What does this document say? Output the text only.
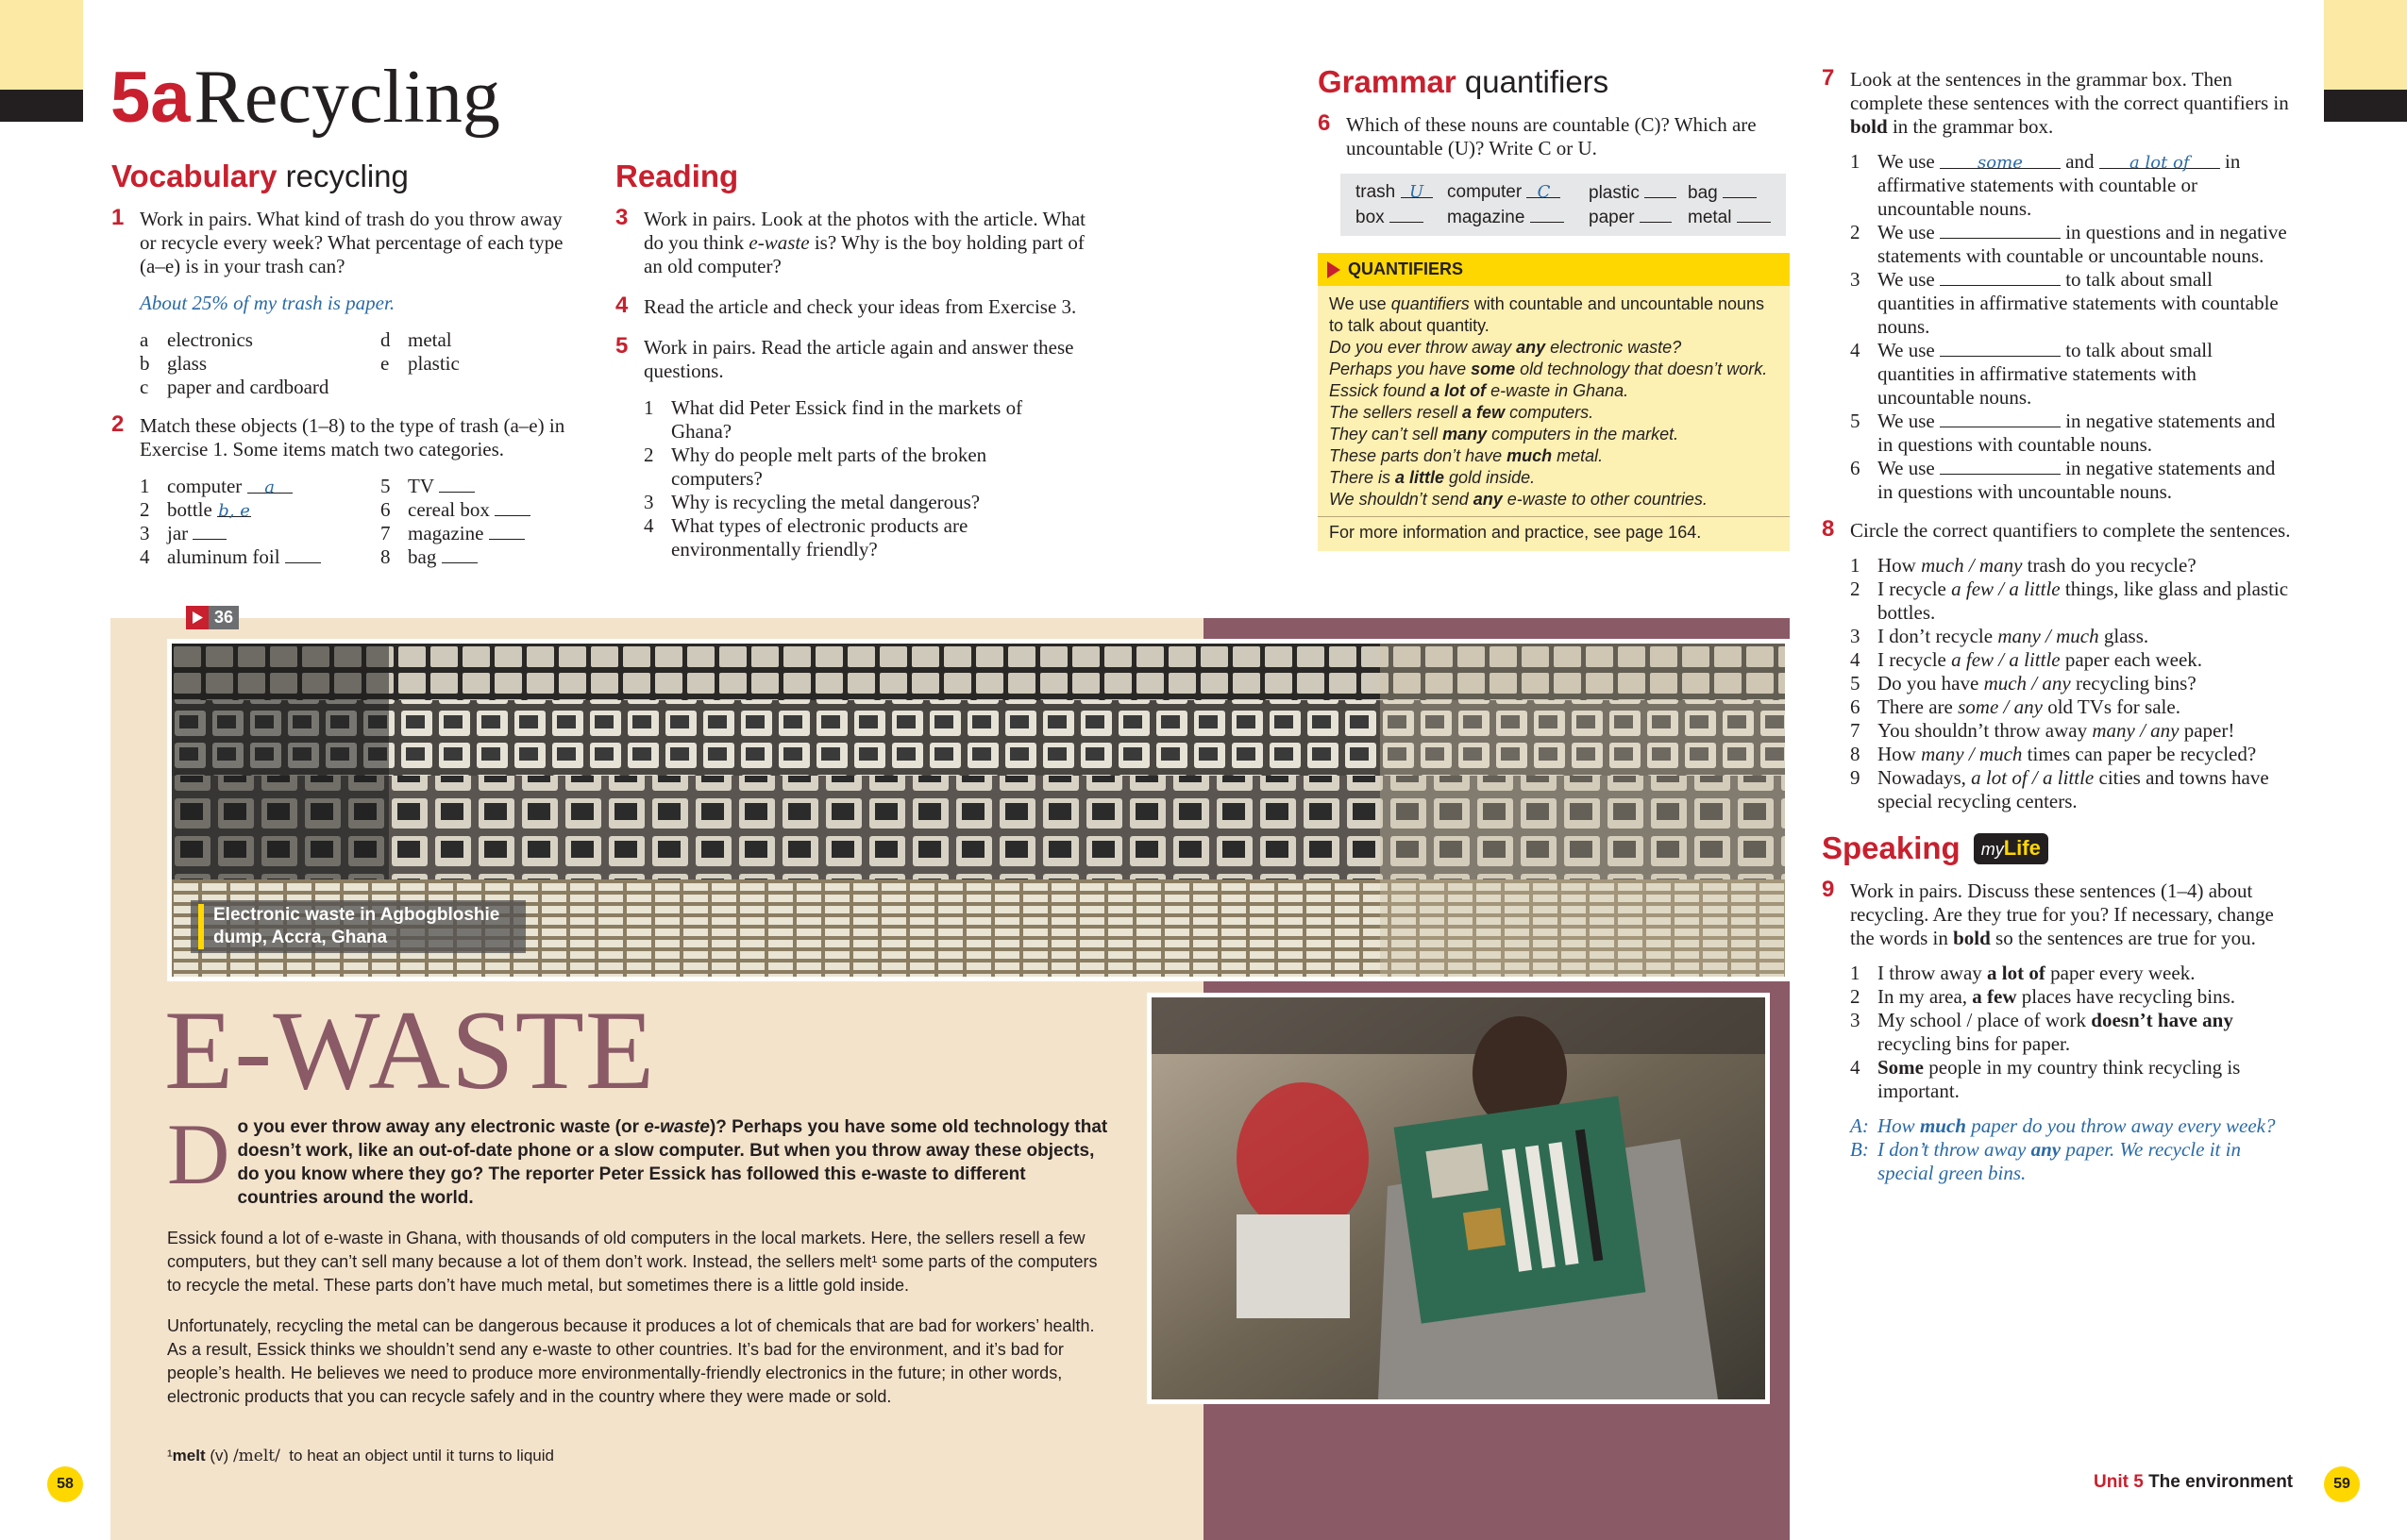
5a Recycling
Vocabulary recycling
1 Work in pairs. What kind of trash do you throw away or recycle every week? What percentage of each type (a–e) is in your trash can?
About 25% of my trash is paper.
a electronics	d metal
b glass	e plastic
c paper and cardboard
2 Match these objects (1–8) to the type of trash (a–e) in Exercise 1. Some items match two categories.
1 computer a	5 TV
2 bottle b, e	6 cereal box
3 jar	7 magazine
4 aluminum foil	8 bag
Reading
3 Work in pairs. Look at the photos with the article. What do you think e-waste is? Why is the boy holding part of an old computer?
4 Read the article and check your ideas from Exercise 3.
5 Work in pairs. Read the article again and answer these questions.
1 What did Peter Essick find in the markets of Ghana?
2 Why do people melt parts of the broken computers?
3 Why is recycling the metal dangerous?
4 What types of electronic products are environmentally friendly?
Grammar quantifiers
6 Which of these nouns are countable (C)? Which are uncountable (U)? Write C or U.
trash U	computer C	plastic	bag
box	magazine	paper	metal
QUANTIFIERS
We use quantifiers with countable and uncountable nouns to talk about quantity.
Do you ever throw away any electronic waste?
Perhaps you have some old technology that doesn’t work.
Essick found a lot of e-waste in Ghana.
The sellers resell a few computers.
They can’t sell many computers in the market.
These parts don’t have much metal.
There is a little gold inside.
We shouldn’t send any e-waste to other countries.
For more information and practice, see page 164.
7 Look at the sentences in the grammar box. Then complete these sentences with the correct quantifiers in bold in the grammar box.
1 We use	some and a lot of in affirmative statements with countable or uncountable nouns.
2 We use	in questions and in negative statements with countable or uncountable nouns.
3 We use	to talk about small quantities in affirmative statements with countable nouns.
4 We use	to talk about small quantities in affirmative statements with uncountable nouns.
5 We use	in negative statements and in questions with countable nouns.
6 We use	in negative statements and in questions with uncountable nouns.
8 Circle the correct quantifiers to complete the sentences.
1 How much / many trash do you recycle?
2 I recycle a few / a little things, like glass and plastic bottles.
3 I don’t recycle many / much glass.
4 I recycle a few / a little paper each week.
5 Do you have much / any recycling bins?
6 There are some / any old TVs for sale.
7 You shouldn’t throw away many / any paper!
8 How many / much times can paper be recycled?
9 Nowadays, a lot of / a little cities and towns have special recycling centers.
Speaking	myLife
9 Work in pairs. Discuss these sentences (1–4) about recycling. Are they true for you? If necessary, change the words in bold so the sentences are true for you.
1 I throw away a lot of paper every week.
2 In my area, a few places have recycling bins.
3 My school / place of work doesn’t have any recycling bins for paper.
4 Some people in my country think recycling is important.
A: How much paper do you throw away every week?
B: I don’t throw away any paper. We recycle it in special green bins.
36
Electronic waste in Agbogbloshie dump, Accra, Ghana
E-WASTE
D o you ever throw away any electronic waste (or e-waste)? Perhaps you have some old technology that doesn’t work, like an out-of-date phone or a slow computer. But when you throw away these objects, do you know where they go? The reporter Peter Essick has followed this e-waste to different countries around the world.
Essick found a lot of e-waste in Ghana, with thousands of old computers in the local markets. Here, the sellers resell a few computers, but they can’t sell many because a lot of them don’t work. Instead, the sellers melt¹ some parts of the computers to recycle the metal. These parts don’t have much metal, but sometimes there is a little gold inside.
Unfortunately, recycling the metal can be dangerous because it produces a lot of chemicals that are bad for workers’ health. As a result, Essick thinks we shouldn’t send any e-waste to other countries. It’s bad for the environment, and it’s bad for people’s health. He believes we need to produce more environmentally-friendly electronics in the future; in other words, electronic products that you can recycle safely and in the country where they were made or sold.
¹melt (v) /melt/ to heat an object until it turns to liquid
58	59
Unit 5 The environment
